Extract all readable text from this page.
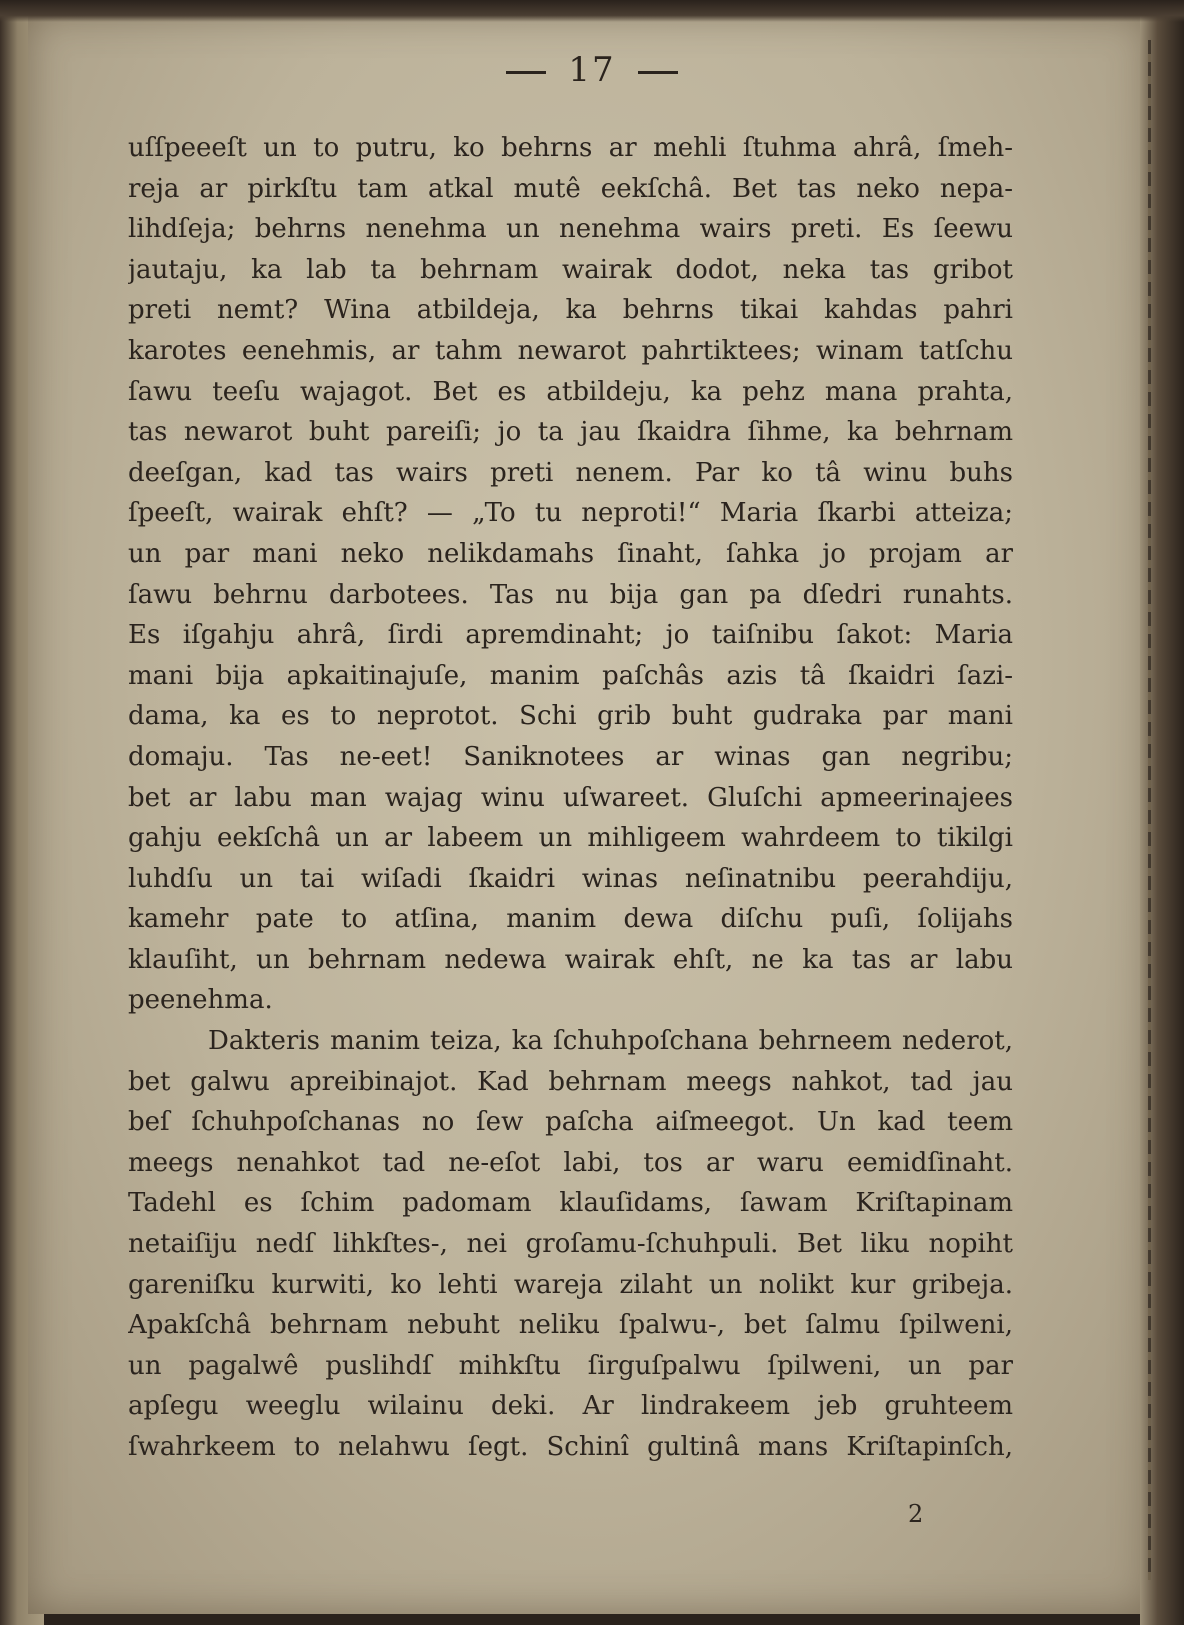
17
uſſpeeeſt un to putru, ko behrns ar mehli ſtuhma ahrâ, ſmeh-
reja ar pirkſtu tam atkal mutê eekſchâ. Bet tas neko nepa-
lihdſeja; behrns nenehma un nenehma wairs preti. Es ſeewu
jautaju, ka lab ta behrnam wairak dodot, neka tas gribot
preti nemt? Wina atbildeja, ka behrns tikai kahdas pahri
karotes eenehmis, ar tahm newarot pahrtiktees; winam tatſchu
ſawu teeſu wajagot. Bet es atbildeju, ka pehz mana prahta,
tas newarot buht pareiſi; jo ta jau ſkaidra ſihme, ka behrnam
deeſgan, kad tas wairs preti nenem. Par ko tâ winu buhs
ſpeeſt, wairak ehſt? — „To tu neproti!“ Maria ſkarbi atteiza;
un par mani neko nelikdamahs ſinaht, ſahka jo projam ar
ſawu behrnu darbotees. Tas nu bija gan pa dſedri runahts.
Es iſgahju ahrâ, ſirdi apremdinaht; jo taiſnibu ſakot: Maria
mani bija apkaitinajuſe, manim paſchâs azis tâ ſkaidri ſazi-
dama, ka es to neprotot. Schi grib buht gudraka par mani
domaju. Tas ne-eet! Saniknotees ar winas gan negribu;
bet ar labu man wajag winu uſwareet. Gluſchi apmeerinajees
gahju eekſchâ un ar labeem un mihligeem wahrdeem to tikilgi
luhdſu un tai wiſadi ſkaidri winas neſinatnibu peerahdiju,
kamehr pate to atſina, manim dewa diſchu puſi, ſolijahs
klauſiht, un behrnam nedewa wairak ehſt, ne ka tas ar labu
peenehma.
Dakteris manim teiza, ka ſchuhpoſchana behrneem nederot,
bet galwu apreibinajot. Kad behrnam meegs nahkot, tad jau
beſ ſchuhpoſchanas no ſew paſcha aiſmeegot. Un kad teem
meegs nenahkot tad ne-eſot labi, tos ar waru eemidſinaht.
Tadehl es ſchim padomam klauſidams, ſawam Kriſtapinam
netaiſiju nedſ lihkſtes-, nei groſamu-ſchuhpuli. Bet liku nopiht
gareniſku kurwiti, ko lehti wareja zilaht un nolikt kur gribeja.
Apakſchâ behrnam nebuht neliku ſpalwu-, bet ſalmu ſpilweni,
un pagalwê puslihdſ mihkſtu ſirguſpalwu ſpilweni, un par
apſegu weeglu wilainu deki. Ar lindrakeem jeb gruhteem
ſwahrkeem to nelahwu ſegt. Schinî gultinâ mans Kriſtapinſch,
2
